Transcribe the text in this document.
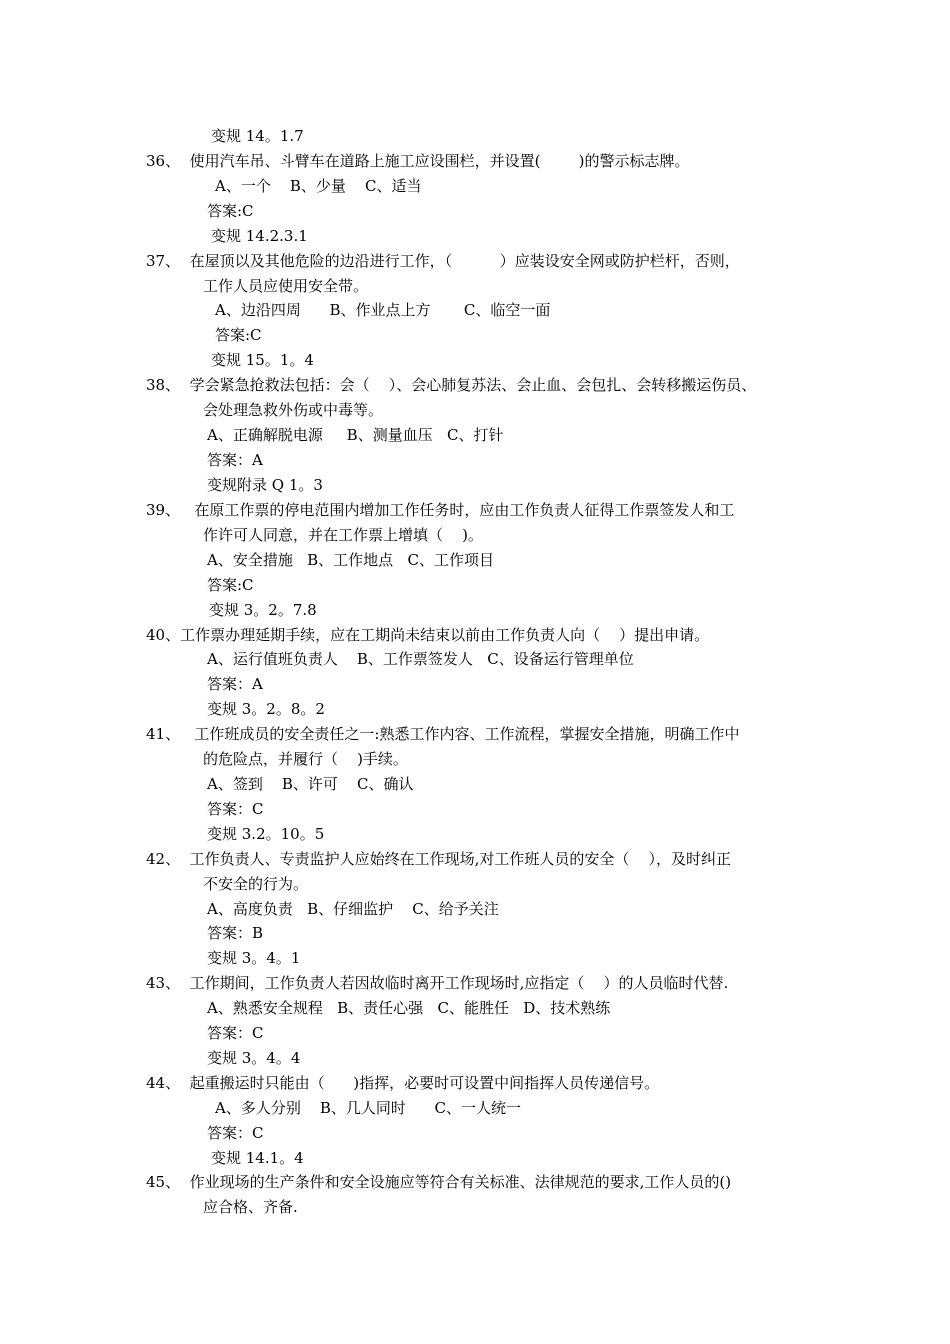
变规 14。1.7
36、  使用汽车吊、斗臂车在道路上施工应设围栏，并设置(        )的警示标志牌。
A、一个    B、少量    C、适当
答案:C
变规 14.2.3.1
37、  在屋顶以及其他危险的边沿进行工作，（          ）应装设安全网或防护栏杆，否则，
工作人员应使用安全带。
A、边沿四周      B、作业点上方       C、临空一面
答案:C
变规 15。1。4
38、  学会紧急抢救法包括：会（    ）、会心肺复苏法、会止血、会包扎、会转移搬运伤员、
会处理急救外伤或中毒等。
A、正确解脱电源     B、测量血压   C、打针
答案：A
变规附录 Q 1。3
39、   在原工作票的停电范围内增加工作任务时，应由工作负责人征得工作票签发人和工
作许可人同意，并在工作票上增填（    )。
A、安全措施   B、工作地点   C、工作项目
答案:C
变规 3。2。7.8
40、工作票办理延期手续，应在工期尚未结束以前由工作负责人向（    ）提出申请。
A、运行值班负责人    B、工作票签发人   C、设备运行管理单位
答案：A
变规 3。2。8。2
41、   工作班成员的安全责任之一:熟悉工作内容、工作流程，掌握安全措施，明确工作中
的危险点，并履行（    )手续。
A、签到    B、许可    C、确认
答案：C
变规 3.2。10。5
42、  工作负责人、专责监护人应始终在工作现场,对工作班人员的安全（    ），及时纠正
不安全的行为。
A、高度负责   B、仔细监护    C、给予关注
答案：B
变规 3。4。1
43、  工作期间，工作负责人若因故临时离开工作现场时,应指定（    ）的人员临时代替.
A、熟悉安全规程   B、责任心强   C、能胜任   D、技术熟练
答案：C
变规 3。4。4
44、  起重搬运时只能由（      )指挥，必要时可设置中间指挥人员传递信号。
A、多人分别    B、几人同时      C、一人统一
答案：C
变规 14.1。4
45、  作业现场的生产条件和安全设施应等符合有关标准、法律规范的要求,工作人员的()
应合格、齐备.
